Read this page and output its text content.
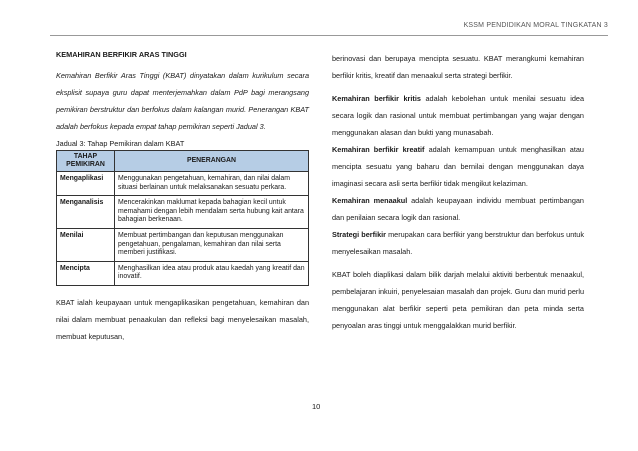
KSSM PENDIDIKAN MORAL TINGKATAN 3
KEMAHIRAN BERFIKIR ARAS TINGGI

Kemahiran Berfikir Aras Tinggi (KBAT) dinyatakan dalam kurikulum secara eksplisit supaya guru dapat menterjemahkan dalam PdP bagi merangsang pemikiran berstruktur dan berfokus dalam kalangan murid. Penerangan KBAT adalah berfokus kepada empat tahap pemikiran seperti Jadual 3.

Jadual 3: Tahap Pemikiran dalam KBAT
TAHAP PEMIKIRAN	PENERANGAN
Mengaplikasi	Menggunakan pengetahuan, kemahiran, dan nilai dalam situasi berlainan untuk melaksanakan sesuatu perkara.
Menganalisis	Mencerakinkan maklumat kepada bahagian kecil untuk memahami dengan lebih mendalam serta hubung kait antara bahagian berkenaan.
Menilai	Membuat pertimbangan dan keputusan menggunakan pengetahuan, pengalaman, kemahiran dan nilai serta memberi justifikasi.
Mencipta	Menghasilkan idea atau produk atau kaedah yang kreatif dan inovatif.

KBAT ialah keupayaan untuk mengaplikasikan pengetahuan, kemahiran dan nilai dalam membuat penaakulan dan refleksi bagi menyelesaikan masalah, membuat keputusan,

berinovasi dan berupaya mencipta sesuatu. KBAT merangkumi kemahiran berfikir kritis, kreatif dan menaakul serta strategi berfikir.

Kemahiran berfikir kritis adalah kebolehan untuk menilai sesuatu idea secara logik dan rasional untuk membuat pertimbangan yang wajar dengan menggunakan alasan dan bukti yang munasabah.

Kemahiran berfikir kreatif adalah kemampuan untuk menghasilkan atau mencipta sesuatu yang baharu dan bernilai dengan menggunakan daya imaginasi secara asli serta berfikir tidak mengikut kelaziman.

Kemahiran menaakul adalah keupayaan individu membuat pertimbangan dan penilaian secara logik dan rasional.

Strategi berfikir merupakan cara berfikir yang berstruktur dan berfokus untuk menyelesaikan masalah.

KBAT boleh diaplikasi dalam bilik darjah melalui aktiviti berbentuk menaakul, pembelajaran inkuiri, penyelesaian masalah dan projek. Guru dan murid perlu menggunakan alat berfikir seperti peta pemikiran dan peta minda serta penyoalan aras tinggi untuk menggalakkan murid berfikir.

10
